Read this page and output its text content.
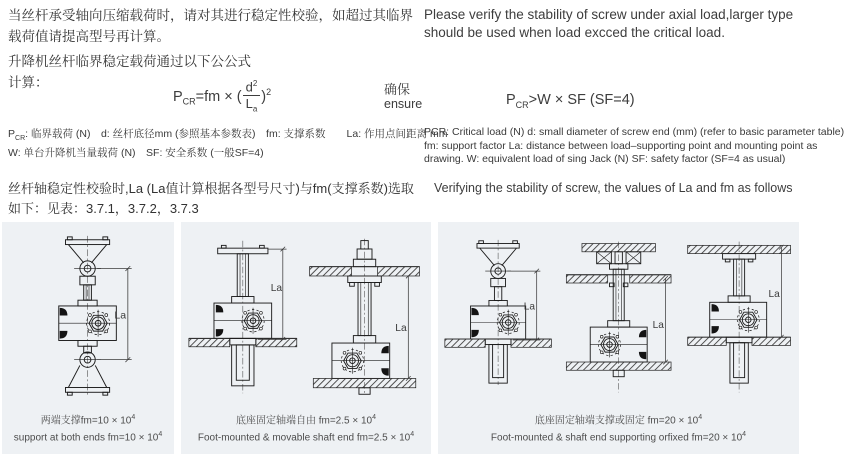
当丝杆承受轴向压缩载荷时，请对其进行稳定性校验，如超过其临界载荷值请提高型号再计算。
升降机丝杆临界稳定载荷通过以下公公式计算：
Please verify the stability of screw under axial load,larger type should be used when load excced the critical load.
$P_{CR}=fm$ × ( $\frac{d^2}{L_a} )^2$	确保
ensure	$P_{CR}>W$ × SF (SF=4)
$P_{CR}$: 临界载荷 (N)　d: 丝杆底径mm (参照基本参数表)　fm: 支撑系数　　La: 作用点间距离 mm
W: 单台升降机当量载荷 (N)　SF: 安全系数 (一般SF=4)
PCR: Critical load (N) d: small diameter of screw end (mm) (refer to basic parameter table)
fm: support factor La: distance between load–supporting point and mounting point as
drawing. W: equivalent load of sing Jack (N) SF: safety factor (SF=4 as usual)
丝杆轴稳定性校验时,La (La值计算根据各型号尺寸)与fm(支撑系数)选取
如下：见表：3.7.1，3.7.2，3.7.3
Verifying the stability of screw, the values of La and fm as follows
La
两端支撑$fm=10 \times 10^4$
support at both ends $fm=10 \times 10^4$
La
La
底座固定轴端自由 $fm=2.5 \times 10^4$
Foot-mounted & movable shaft end $fm=2.5 \times 10^4$
La
La
La
底座固定轴端支撑或固定 $fm=20 \times 10^4$
Foot-mounted & shaft end supporting orfixed $fm=20 \times 10^4$
